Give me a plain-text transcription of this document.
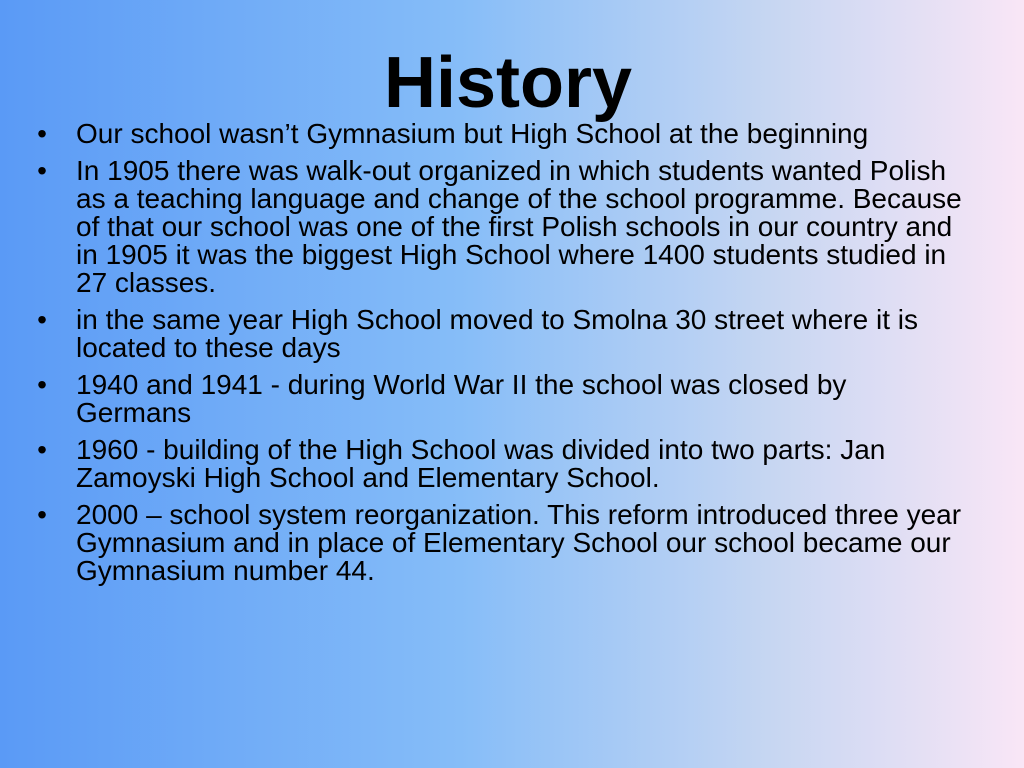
History
• Our school wasn’t Gymnasium but High School at the beginning
• In 1905 there was walk-out organized in which students wanted Polish as a teaching language and change of the school programme. Because of that our school was one of the first Polish schools in our country and in 1905 it was the biggest High School where 1400 students studied in 27 classes.
• in the same year High School moved to Smolna 30 street where it is located to these days
• 1940 and 1941 - during World War II the school was closed by Germans
• 1960 - building of the High School was divided into two parts: Jan Zamoyski High School and Elementary School.
• 2000 – school system reorganization. This reform introduced three year Gymnasium and in place of Elementary School our school became our Gymnasium number 44.
